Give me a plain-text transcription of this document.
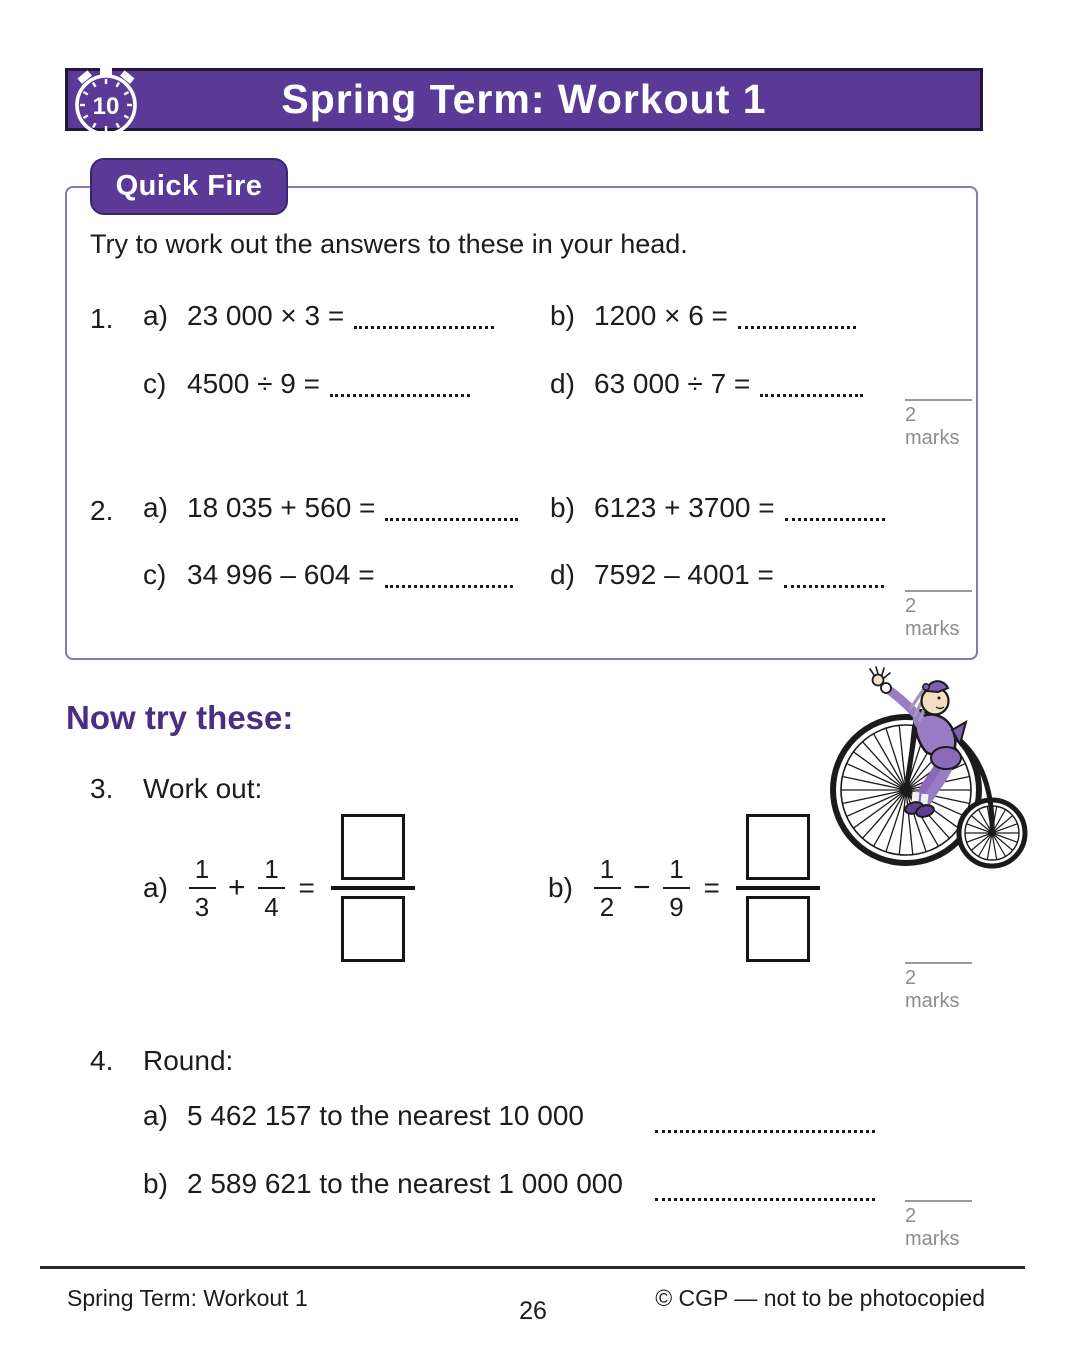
Spring Term: Workout 1
10
Quick Fire
Try to work out the answers to these in your head.
1. a) 23 000 × 3 =	b) 1200 × 6 =
c) 4500 ÷ 9 =	d) 63 000 ÷ 7 =
2 marks
2. a) 18 035 + 560 =	b) 6123 + 3700 =
c) 34 996 – 604 =	d) 7592 – 4001 =
2 marks
Now try these:
3. Work out:
$a) \frac{1}{3} + \frac{1}{4}$ =	$b) \frac{1}{2} - \frac{1}{9}$ =
2 marks
4. Round:
a) 5 462 157 to the nearest 10 000
b) 2 589 621 to the nearest 1 000 000
2 marks
Spring Term: Workout 1	26	© CGP — not to be photocopied
